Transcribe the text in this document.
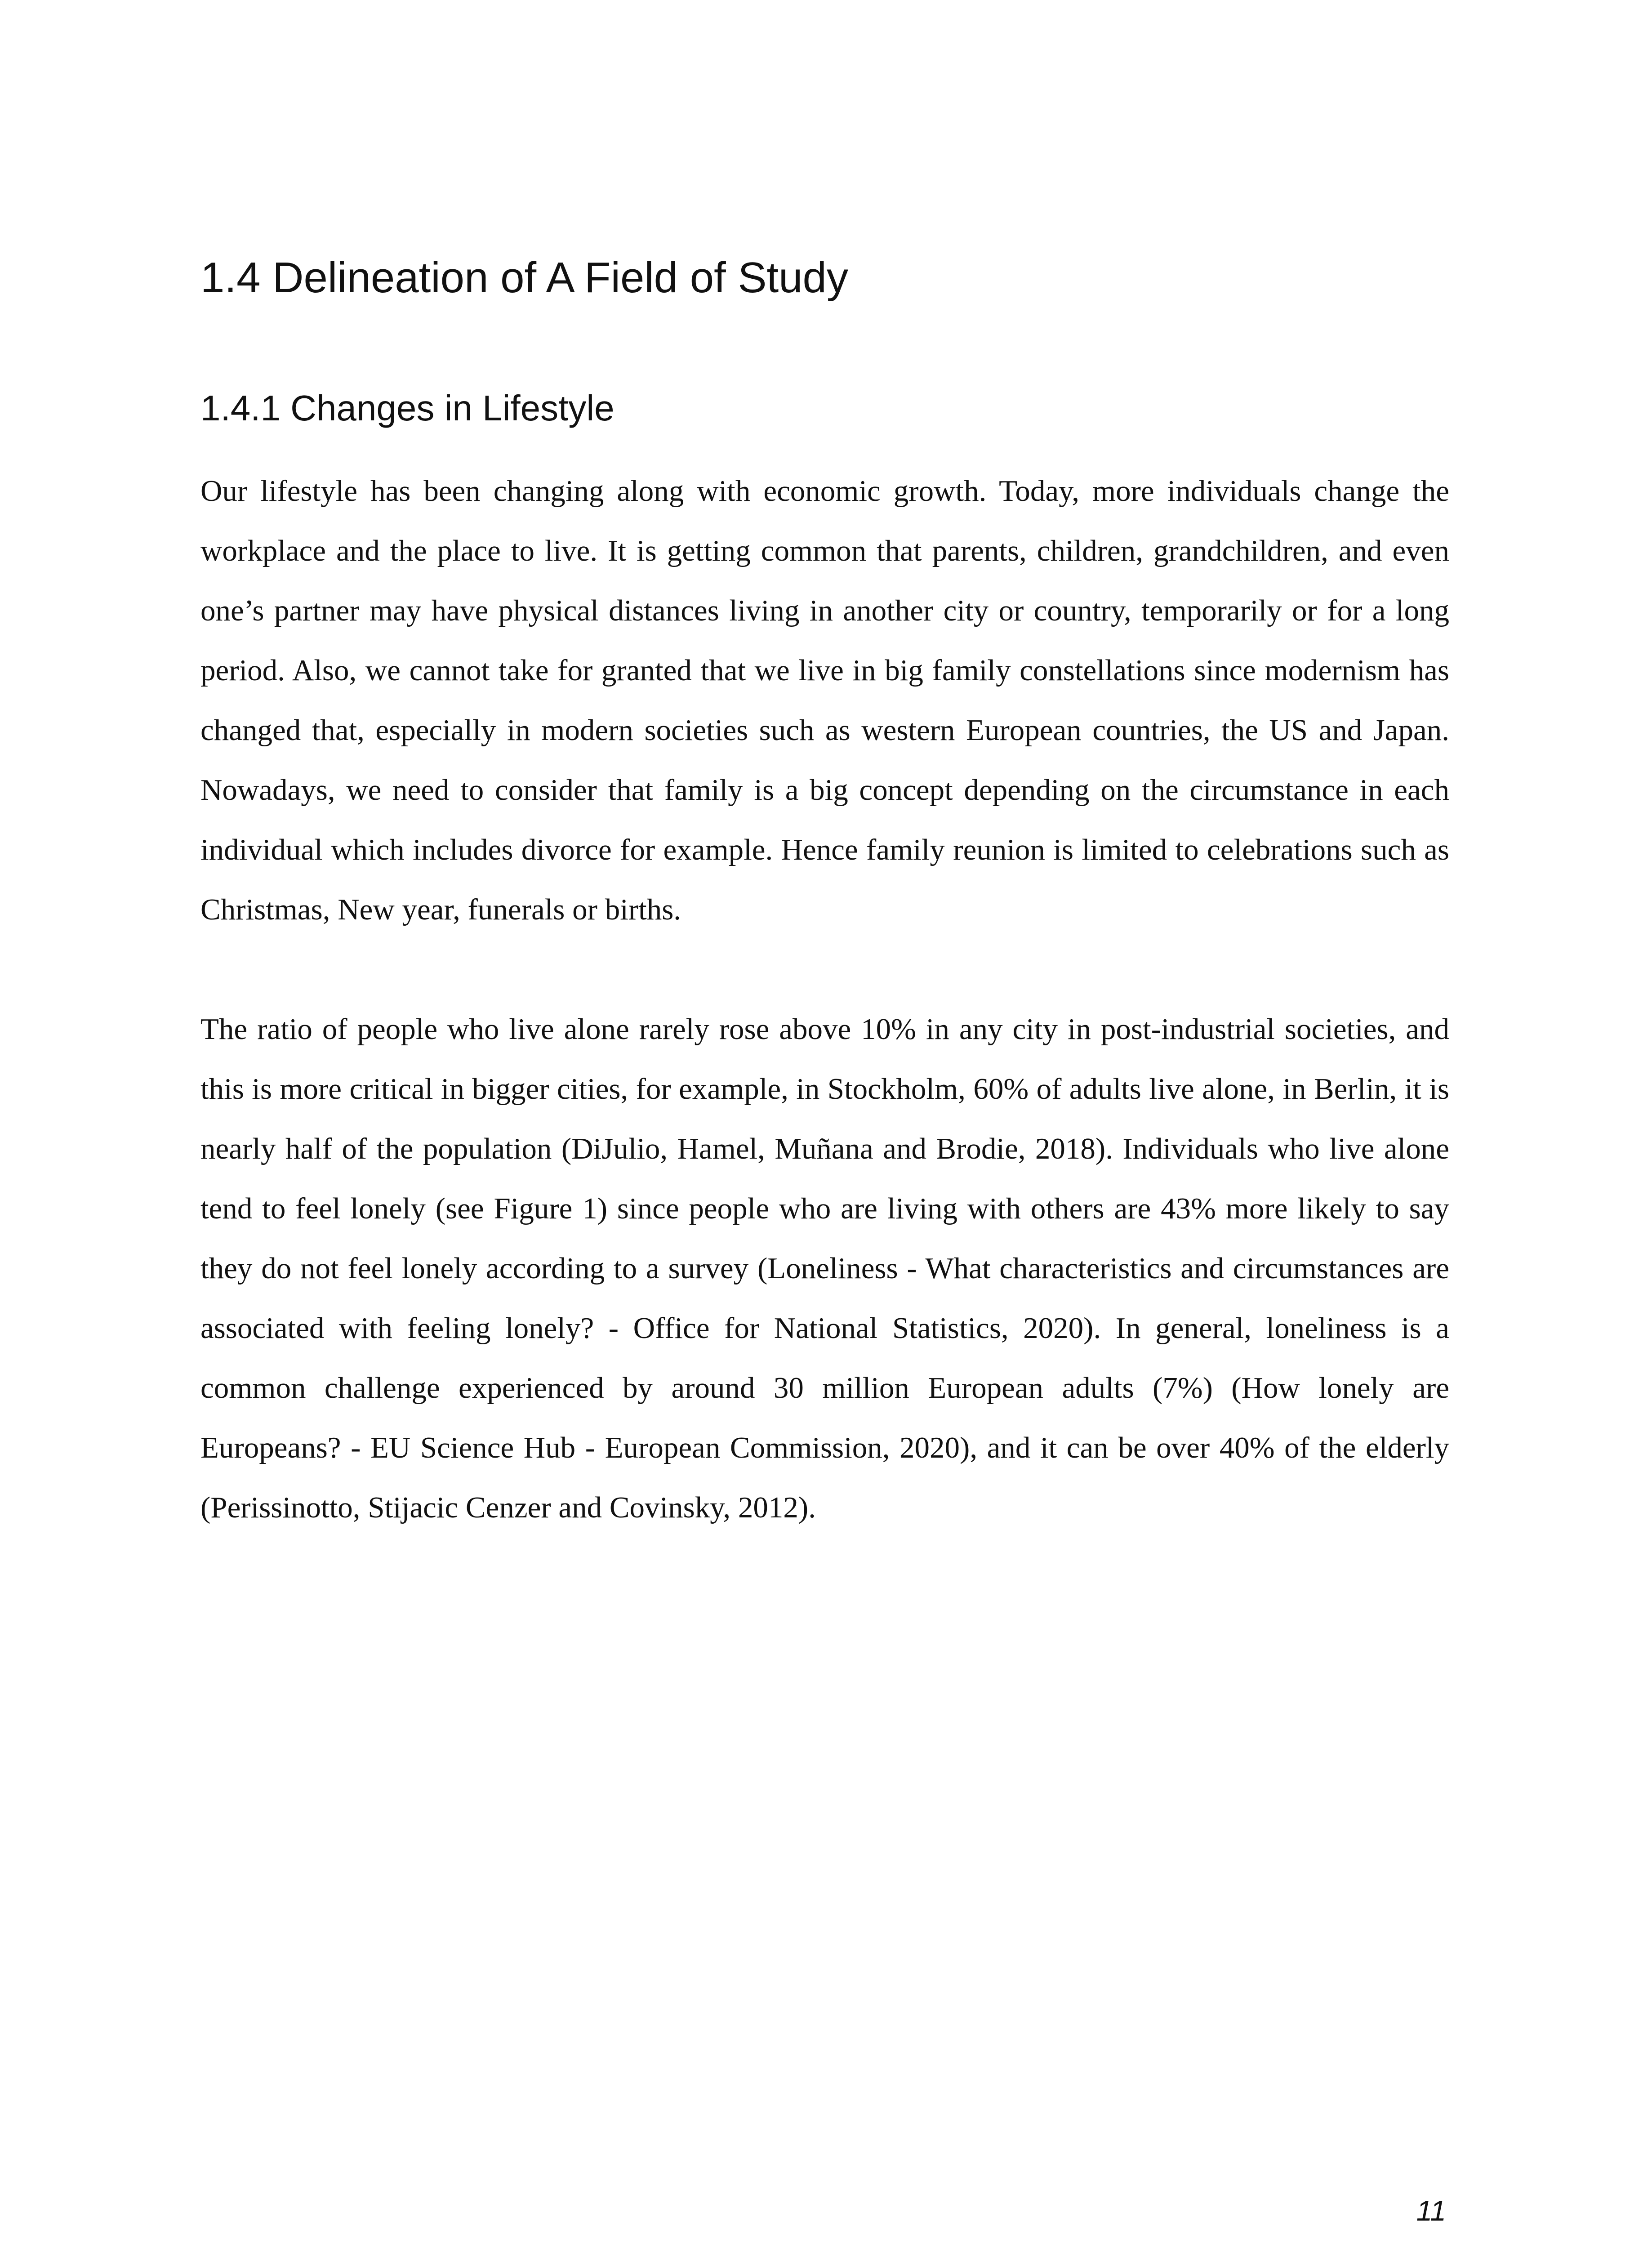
1.4 Delineation of A Field of Study
1.4.1 Changes in Lifestyle

Our lifestyle has been changing along with economic growth. Today, more individuals change the workplace and the place to live. It is getting common that parents, children, grandchildren, and even one’s partner may have physical distances living in another city or country, temporarily or for a long period. Also, we cannot take for granted that we live in big family constellations since modernism has changed that, especially in modern societies such as western European countries, the US and Japan. Nowadays, we need to consider that family is a big concept depending on the circumstance in each individual which includes divorce for example. Hence family reunion is limited to celebrations such as Christmas, New year, funerals or births.

The ratio of people who live alone rarely rose above 10% in any city in post-industrial societies, and this is more critical in bigger cities, for example, in Stockholm, 60% of adults live alone, in Berlin, it is nearly half of the population (DiJulio, Hamel, Muñana and Brodie, 2018). Individuals who live alone tend to feel lonely (see Figure 1) since people who are living with others are 43% more likely to say they do not feel lonely according to a survey (Loneliness - What characteristics and circumstances are associated with feeling lonely? - Office for National Statistics, 2020). In general, loneliness is a common challenge experienced by around 30 million European adults (7%) (How lonely are Europeans? - EU Science Hub - European Commission, 2020), and it can be over 40% of the elderly (Perissinotto, Stijacic Cenzer and Covinsky, 2012).

11
